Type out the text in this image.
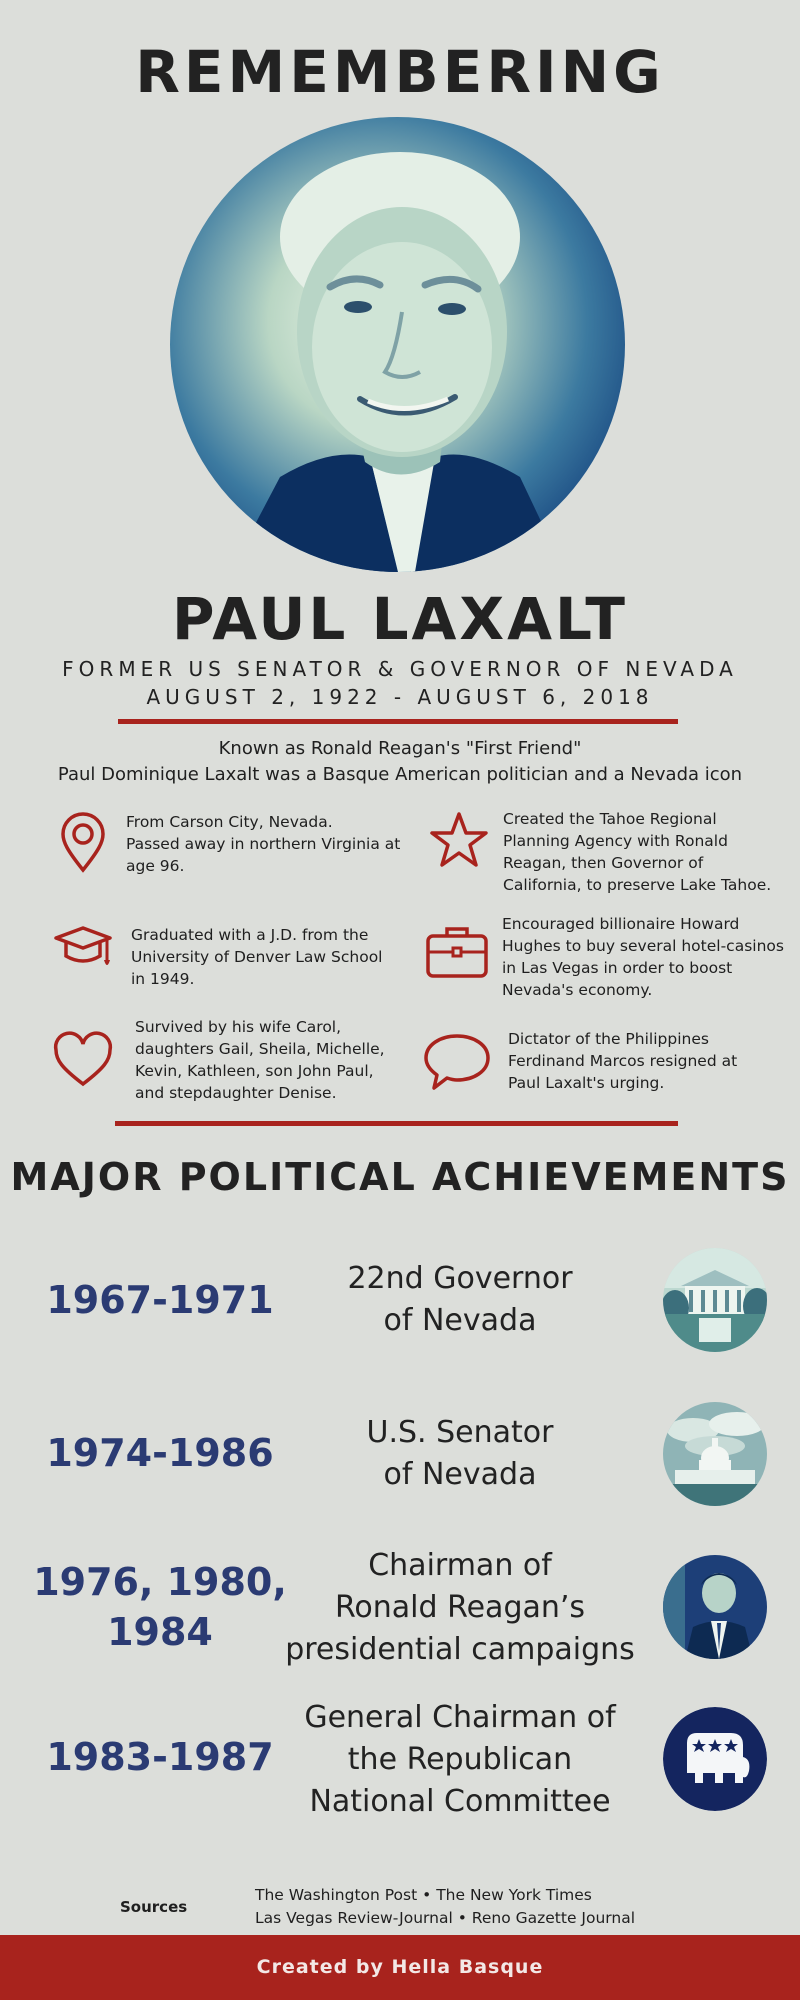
REMEMBERING
PAUL LAXALT
FORMER US SENATOR & GOVERNOR OF NEVADA
AUGUST 2, 1922 - AUGUST 6, 2018
Known as Ronald Reagan's "First Friend"
Paul Dominique Laxalt was a Basque American politician and a Nevada icon
From Carson City, Nevada.
Passed away in northern Virginia at
age 96.
Graduated with a J.D. from the
University of Denver Law School
in 1949.
Survived by his wife Carol,
daughters Gail, Sheila, Michelle,
Kevin, Kathleen, son John Paul,
and stepdaughter Denise.
Created the Tahoe Regional
Planning Agency with Ronald
Reagan, then Governor of
California, to preserve Lake Tahoe.
Encouraged billionaire Howard
Hughes to buy several hotel-casinos
in Las Vegas in order to boost
Nevada's economy.
Dictator of the Philippines
Ferdinand Marcos resigned at
Paul Laxalt's urging.
MAJOR POLITICAL ACHIEVEMENTS
1967-1971	22nd Governor
of Nevada
1974-1986	U.S. Senator
of Nevada
1976, 1980,
1984
Chairman of
Ronald Reagan’s
presidential campaigns
1983-1987
General Chairman of
the Republican
National Committee
Sources
The Washington Post • The New York Times
Las Vegas Review-Journal • Reno Gazette Journal
Created by Hella Basque
